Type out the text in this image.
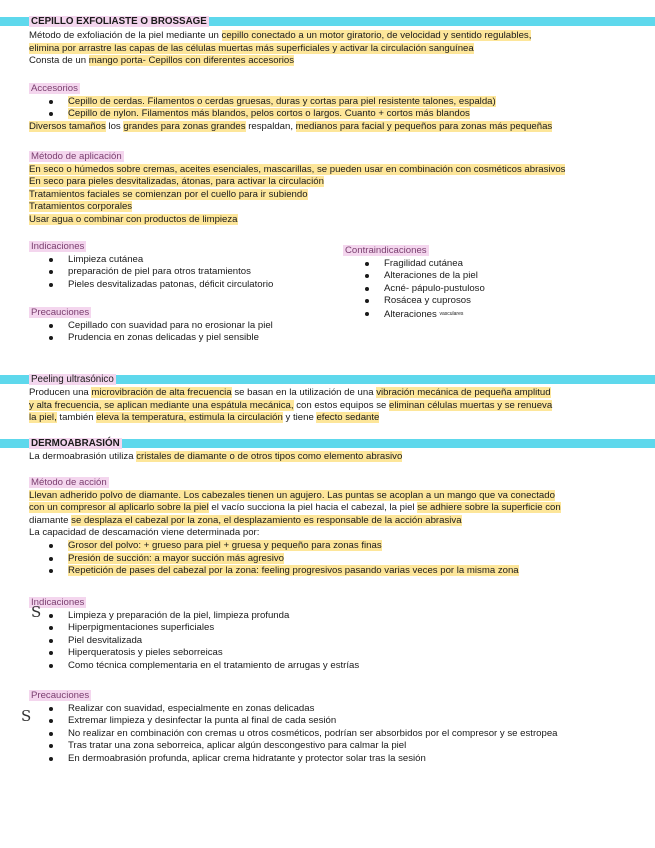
CEPILLO EXFOLIASTE O BROSSAGE

Método de exfoliación de la piel mediante un cepillo conectado a un motor giratorio, de velocidad y sentido regulables,

elimina por arrastre las capas de las células muertas más superficiales y activar la circulación sanguínea

Consta de un mango porta- Cepillos con diferentes accesorios

Accesorios

Cepillo de cerdas. Filamentos o cerdas gruesas, duras y cortas para piel resistente talones, espalda)
Cepillo de nylon. Filamentos más blandos, pelos cortos o largos. Cuanto + cortos más blandos

Diversos tamaños los grandes para zonas grandes respaldan, medianos para facial y pequeños para zonas más pequeñas

Método de aplicación

En seco o húmedos sobre cremas, aceites esenciales, mascarillas, se pueden usar en combinación con cosméticos abrasivos

En seco para pieles desvitalizadas, átonas, para activar la circulación

Tratamientos faciales se comienzan por el cuello para ir subiendo

Tratamientos corporales

Usar agua o combinar con productos de limpieza

Indicaciones

Limpieza cutánea
preparación de piel para otros tratamientos
Pieles desvitalizadas patonas, déficit circulatorio

Contraindicaciones

Fragilidad cutánea
Alteraciones de la piel
Acné- pápulo-pustuloso
Rosácea y cuprosos
Alteraciones $^{vasculares}$

Precauciones

Cepillado con suavidad para no erosionar la piel
Prudencia en zonas delicadas y piel sensible
Peeling ultrasónico

Producen una microvibración de alta frecuencia se basan en la utilización de una vibración mecánica de pequeña amplitud

y alta frecuencia, se aplican mediante una espátula mecánica, con estos equipos se eliminan células muertas y se renueva

la piel, también eleva la temperatura, estimula la circulación y tiene efecto sedante

DERMOABRASIÓN

La dermoabrasión utiliza cristales de diamante o de otros tipos como elemento abrasivo

Método de acción

Llevan adherido polvo de diamante. Los cabezales tienen un agujero. Las puntas se acoplan a un mango que va conectado

con un compresor al aplicarlo sobre la piel el vacío succiona la piel hacia el cabezal, la piel se adhiere sobre la superficie con

diamante se desplaza el cabezal por la zona, el desplazamiento es responsable de la acción abrasiva

La capacidad de descamación viene determinada por:

Grosor del polvo: + grueso para piel + gruesa y pequeño para zonas finas
Presión de succión: a mayor succión más agresivo
Repetición de pases del cabezal por la zona: feeling progresivos pasando varias veces por la misma zona

Indicaciones

Limpieza y preparación de la piel, limpieza profunda
Hiperpigmentaciones superficiales
Piel desvitalizada
Hiperqueratosis y pieles seborreicas
Como técnica complementaria en el tratamiento de arrugas y estrías

Precauciones

Realizar con suavidad, especialmente en zonas delicadas
Extremar limpieza y desinfectar la punta al final de cada sesión
No realizar en combinación con cremas u otros cosméticos, podrían ser absorbidos por el compresor y se estropea
Tras tratar una zona seborreica, aplicar algún descongestivo para calmar la piel
En dermoabrasión profunda, aplicar crema hidratante y protector solar tras la sesión
S
S
